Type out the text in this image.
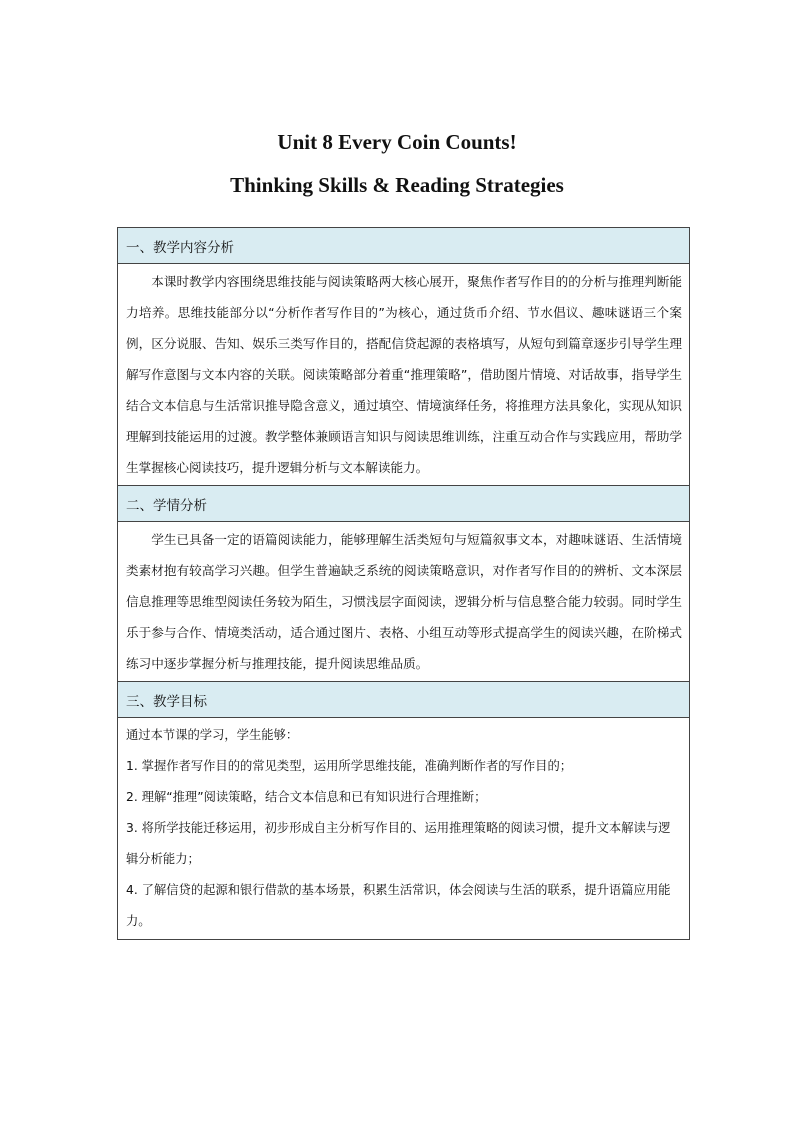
Unit 8 Every Coin Counts!
Thinking Skills & Reading Strategies
一、教学内容分析

本课时教学内容围绕思维技能与阅读策略两大核心展开，聚焦作者写作目的的分析与推理判断能力培养。思维技能部分以“分析作者写作目的”为核心，通过货币介绍、节水倡议、趣味谜语三个案例，区分说服、告知、娱乐三类写作目的，搭配信贷起源的表格填写，从短句到篇章逐步引导学生理解写作意图与文本内容的关联。阅读策略部分着重“推理策略”，借助图片情境、对话故事，指导学生结合文本信息与生活常识推导隐含意义，通过填空、情境演绎任务，将推理方法具象化，实现从知识理解到技能运用的过渡。教学整体兼顾语言知识与阅读思维训练，注重互动合作与实践应用，帮助学生掌握核心阅读技巧，提升逻辑分析与文本解读能力。

二、学情分析

学生已具备一定的语篇阅读能力，能够理解生活类短句与短篇叙事文本，对趣味谜语、生活情境类素材抱有较高学习兴趣。但学生普遍缺乏系统的阅读策略意识，对作者写作目的的辨析、文本深层信息推理等思维型阅读任务较为陌生，习惯浅层字面阅读，逻辑分析与信息整合能力较弱。同时学生乐于参与合作、情境类活动，适合通过图片、表格、小组互动等形式提高学生的阅读兴趣，在阶梯式练习中逐步掌握分析与推理技能，提升阅读思维品质。

三、教学目标

通过本节课的学习，学生能够：
1. 掌握作者写作目的的常见类型，运用所学思维技能，准确判断作者的写作目的；
2. 理解“推理”阅读策略，结合文本信息和已有知识进行合理推断；
3. 将所学技能迁移运用，初步形成自主分析写作目的、运用推理策略的阅读习惯，提升文本解读与逻辑分析能力；
4. 了解信贷的起源和银行借款的基本场景，积累生活常识，体会阅读与生活的联系，提升语篇应用能力。
